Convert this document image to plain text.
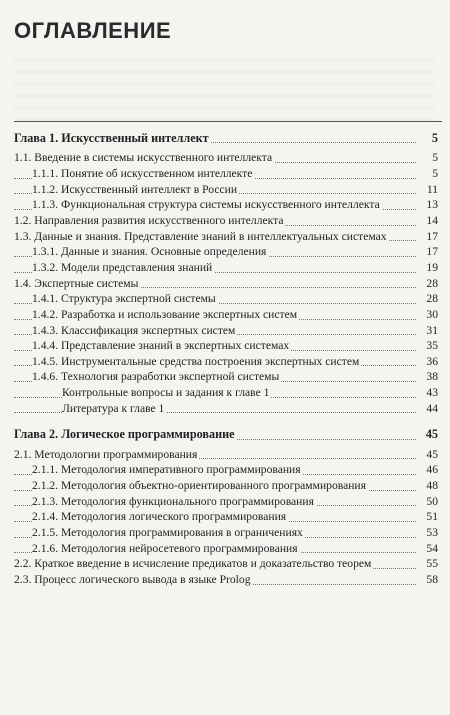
ОГЛАВЛЕНИЕ
Глава 1. Искусственный интеллект	5
1.1. Введение в системы искусственного интеллекта	5
1.1.1. Понятие об искусственном интеллекте	5
1.1.2. Искусственный интеллект в России	11
1.1.3. Функциональная структура системы искусственного интеллекта	13
1.2. Направления развития искусственного интеллекта	14
1.3. Данные и знания. Представление знаний в интеллектуальных системах	17
1.3.1. Данные и знания. Основные определения	17
1.3.2. Модели представления знаний	19
1.4. Экспертные системы	28
1.4.1. Структура экспертной системы	28
1.4.2. Разработка и использование экспертных систем	30
1.4.3. Классификация экспертных систем	31
1.4.4. Представление знаний в экспертных системах	35
1.4.5. Инструментальные средства построения экспертных систем	36
1.4.6. Технология разработки экспертной системы	38
Контрольные вопросы и задания к главе 1	43
Литература к главе 1	44
Глава 2. Логическое программирование	45
2.1. Методологии программирования	45
2.1.1. Методология императивного программирования	46
2.1.2. Методология объектно-ориентированного программирования	48
2.1.3. Методология функционального программирования	50
2.1.4. Методология логического программирования	51
2.1.5. Методология программирования в ограничениях	53
2.1.6. Методология нейросетевого программирования	54
2.2. Краткое введение в исчисление предикатов и доказательство теорем	55
2.3. Процесс логического вывода в языке Prolog	58
